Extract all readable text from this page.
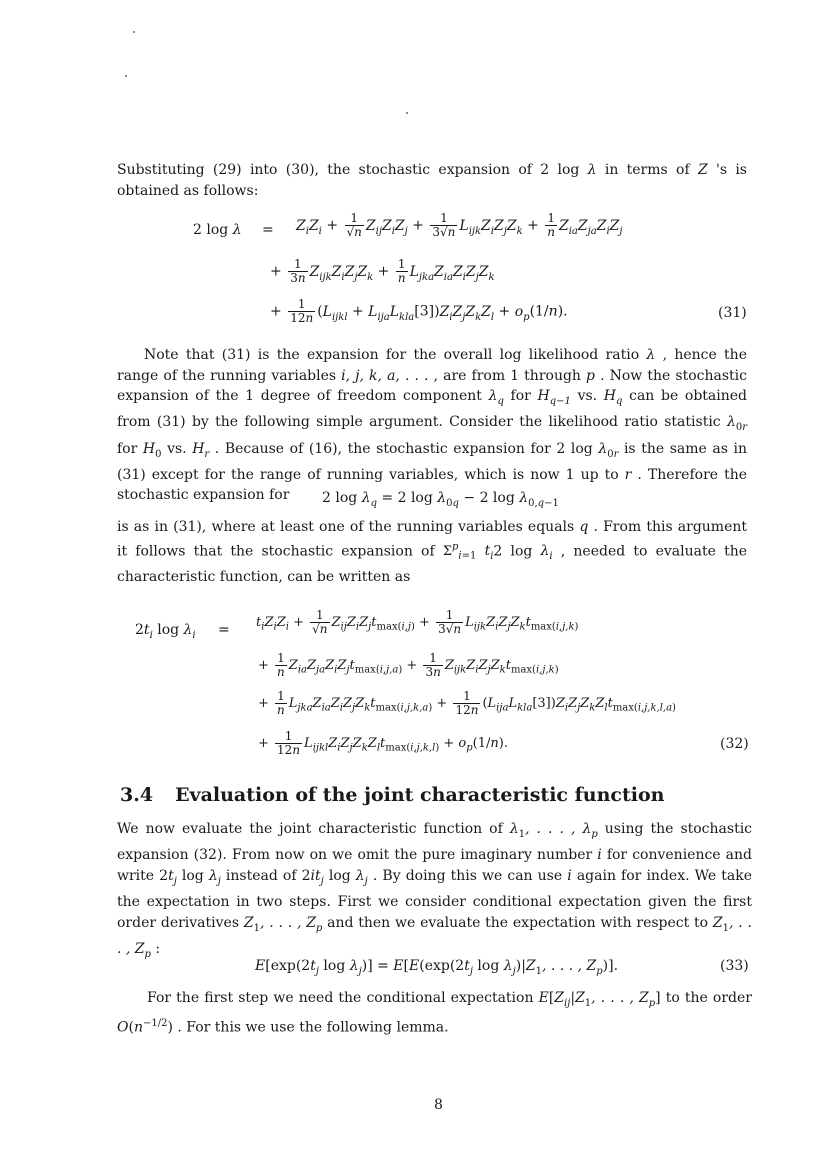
Substituting (29) into (30), the stochastic expansion of 2 log λ in terms of Z 's is obtained as follows:
2 $\log \lambda = Z_iZ_i + \frac{1}{√n} Z_{ij}Z_iZ_j + \frac{1}{3√n} L_{ijk}Z_iZ_jZ_k + \frac{1}{n} Z_{ia}Z_{ja}Z_iZ_j$
+ $\frac{1}{3n} Z_{ijk}Z_iZ_jZ_k + \frac{1}{n} L_{jka}Z_{ia}Z_iZ_jZ_k$
+ $\frac{1}{12n} (L_{ijkl} + L_{ija}L_{kla}[3])Z_iZ_jZ_kZ_l + o_p(1/n)$.	(31)
Note that (31) is the expansion for the overall log likelihood ratio λ , hence the range of the running variables i, j, k, a, . . . , are from 1 through p . Now the stochastic expansion of the 1 degree of freedom component $\lambda_q$ for $H_{q-1}$ vs. $H_q$ can be obtained from (31) by the following simple argument. Consider the likelihood ratio statistic $\lambda_{0r}$ for $H_0$ vs. $H_r$ . Because of (16), the stochastic expansion for 2 $\log \lambda_{0r}$ is the same as in (31) except for the range of running variables, which is now 1 up to r . Therefore the stochastic expansion for	2 $\log \lambda_q = 2$ $\log \lambda_{0q} - 2$ $\log \lambda_{0,q-1}$
is as in (31), where at least one of the running variables equals q . From this argument it follows that the stochastic expansion of $\Sigma^p_{i=1}$ $t_i2$ $\log \lambda_i$ , needed to evaluate the characteristic function, can be written as
$2t_i$ $\log \lambda_i = t_iZ_iZ_i + \frac{1}{√n} Z_{ij}Z_iZ_jt_{max(i,j)} + \frac{1}{3√n} L_{ijk}Z_iZ_jZ_kt_{max(i,j,k)}$
+ $\frac{1}{n} Z_{ia}Z_{ja}Z_iZ_jt_{max(i,j,a)} + \frac{1}{3n} Z_{ijk}Z_iZ_jZ_kt_{max(i,j,k)}$
+ $\frac{1}{n} L_{jka}Z_{ia}Z_iZ_jZ_kt_{max(i,j,k,a)} + \frac{1}{12n} (L_{ija}L_{kla}[3])Z_iZ_jZ_kZ_lt_{max(i,j,k,l,a)}$
+ $\frac{1}{12n} L_{ijkl}Z_iZ_jZ_kZ_lt_{max(i,j,k,l)} + o_p(1/n)$.	(32)
3.4 Evaluation of the joint characteristic function
We now evaluate the joint characteristic function of $\lambda_1$, . . . , $\lambda_p$ using the stochastic expansion (32). From now on we omit the pure imaginary number i for convenience and write $2t_j$ $\log \lambda_j$ instead of $2it_j$ $\log \lambda_j$ . By doing this we can use i again for index. We take the expectation in two steps. First we consider conditional expectation given the first order derivatives $Z_1$, . . . , $Z_p$ and then we evaluate the expectation with respect to $Z_1$, . . . , $Z_p$ :
$E[\exp(2t_j$ $\log \lambda_j)] = E[E(\exp(2t_j$ $\log \lambda_j)|Z_1$, . . . , $Z_p$)].	(33)
For the first step we need the conditional expectation $E[Z_{ij}|Z_1$, . . . , $Z_p$] to the order $O(n^{-1/2})$ . For this we use the following lemma.
8
